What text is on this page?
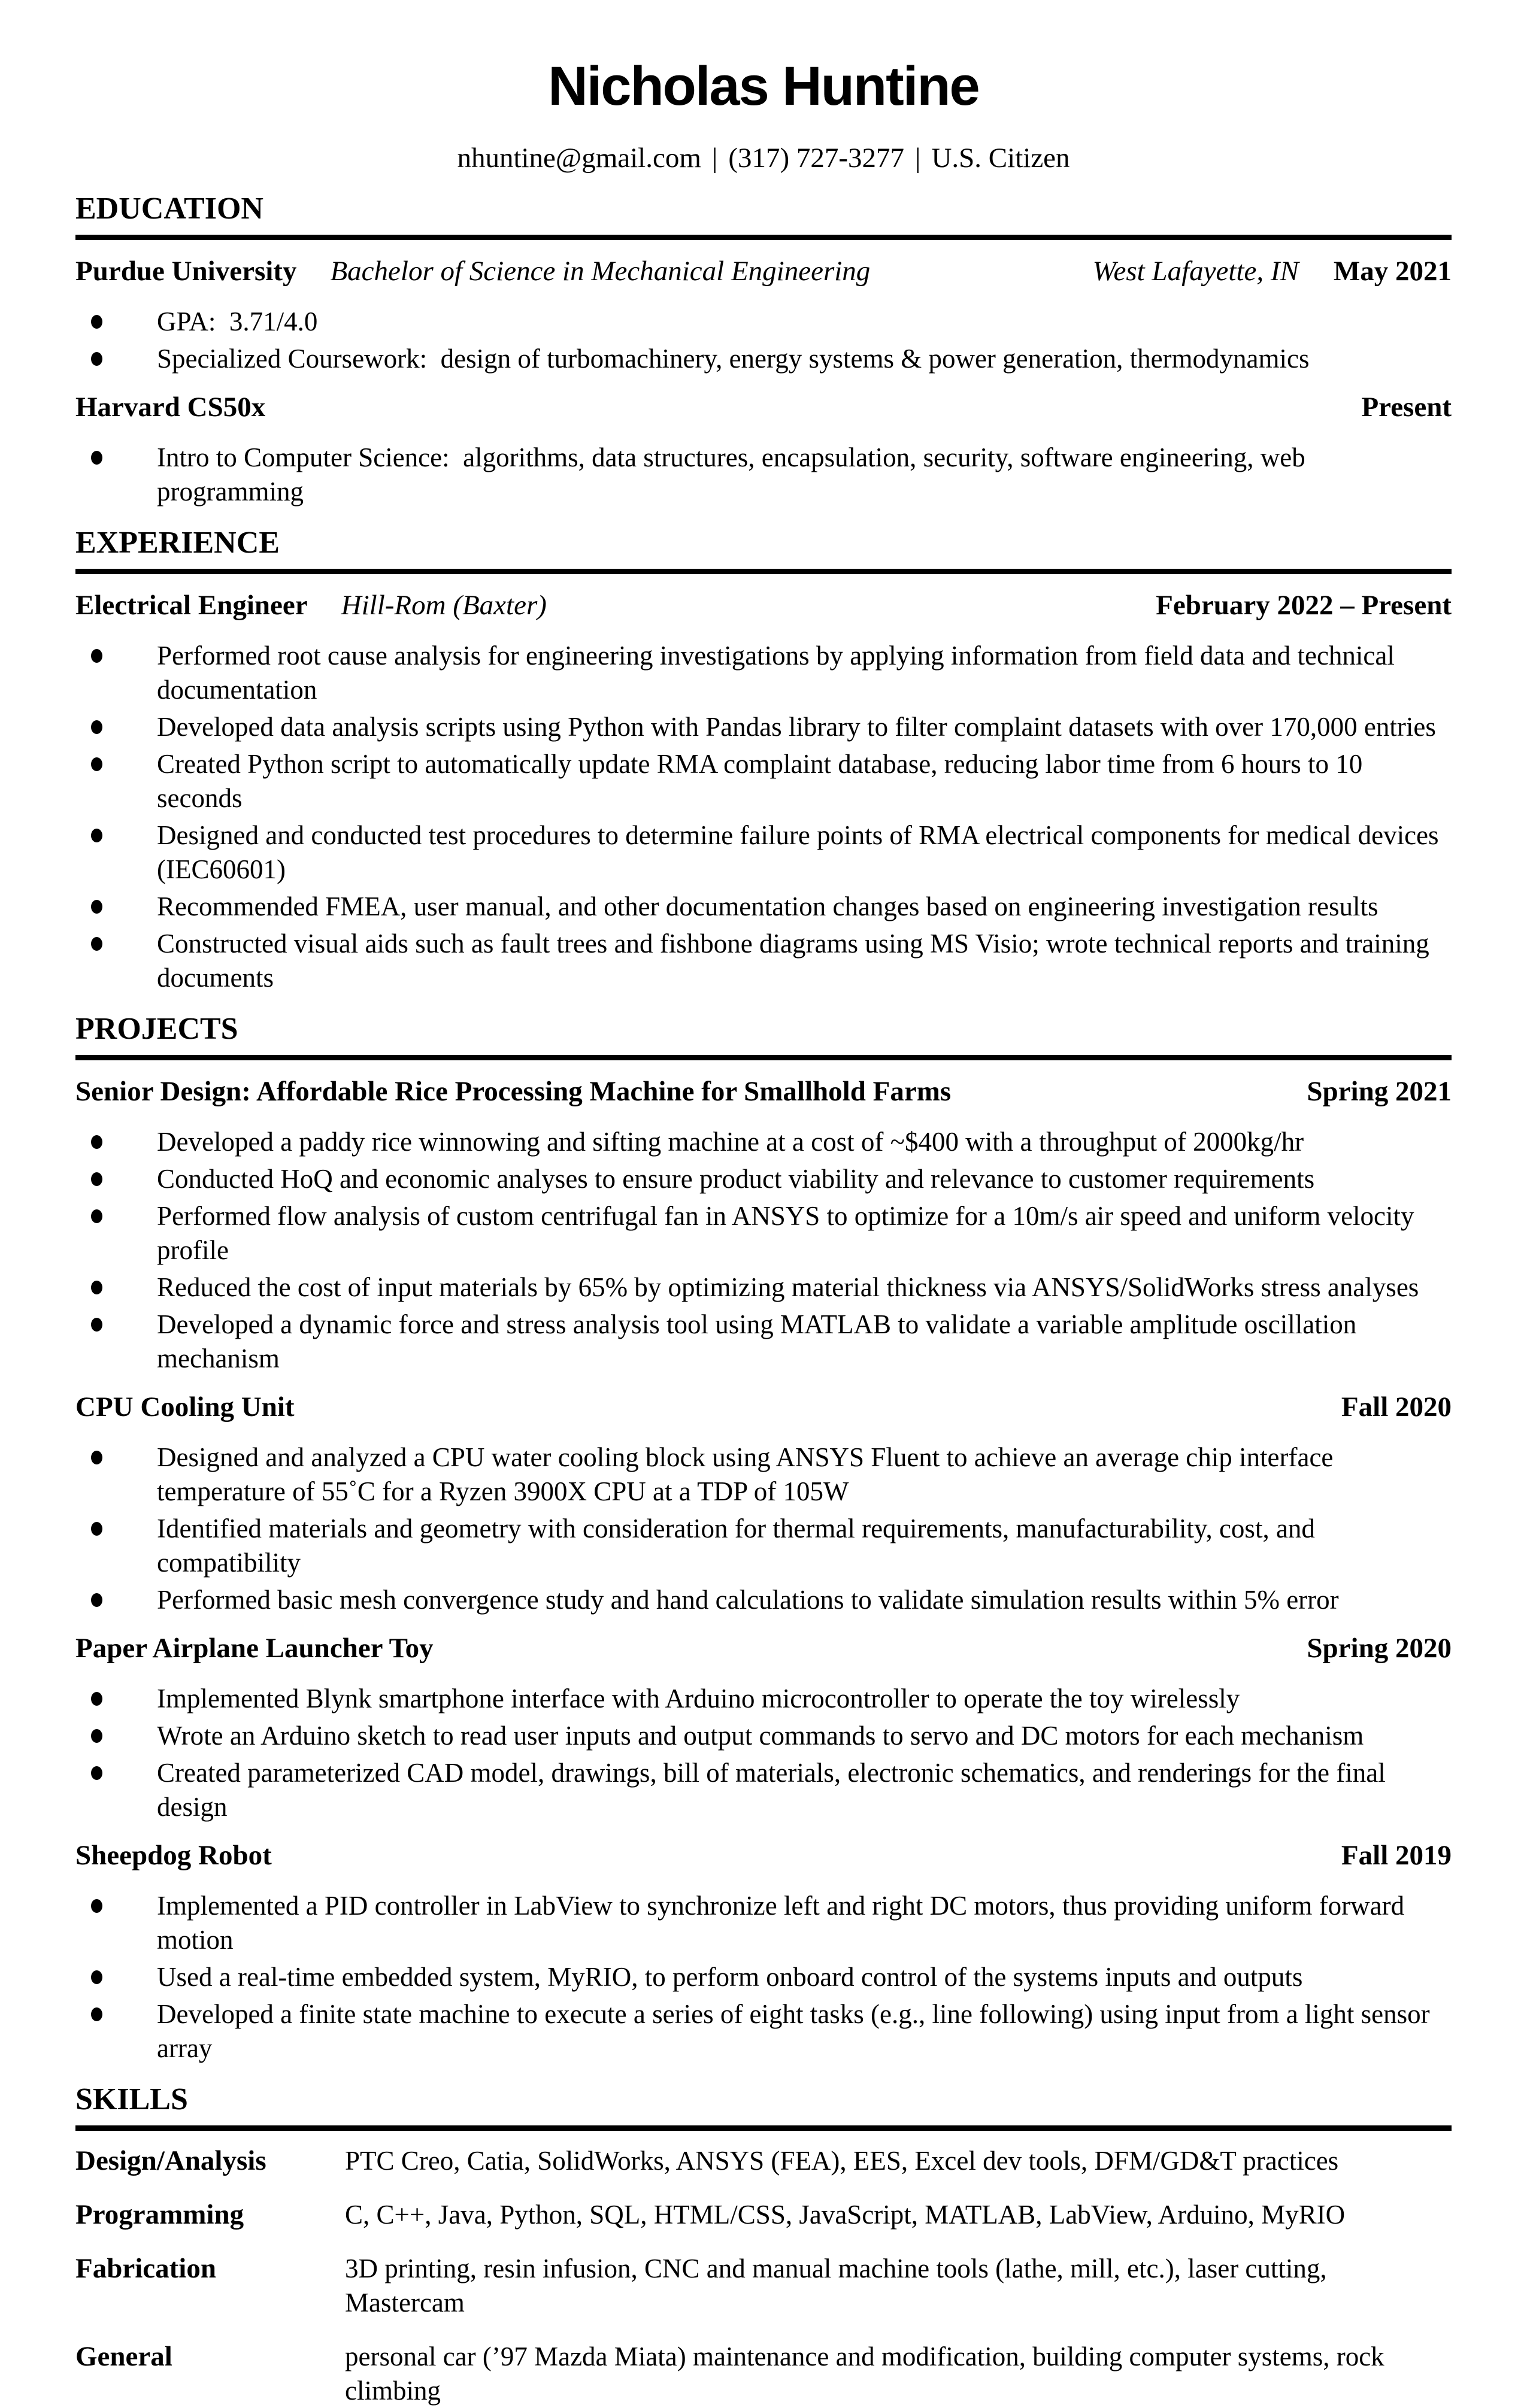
Nicholas Huntine
nhuntine@gmail.com | (317) 727-3277 | U.S. Citizen
EDUCATION
Purdue University Bachelor of Science in Mechanical Engineering	West Lafayette, IN May 2021
GPA:  3.71/4.0
Specialized Coursework:  design of turbomachinery, energy systems & power generation, thermodynamics
Harvard CS50x	Present
Intro to Computer Science:  algorithms, data structures, encapsulation, security, software engineering, web programming
EXPERIENCE
Electrical Engineer Hill-Rom (Baxter)	February 2022 – Present
Performed root cause analysis for engineering investigations by applying information from field data and technical documentation
Developed data analysis scripts using Python with Pandas library to filter complaint datasets with over 170,000 entries
Created Python script to automatically update RMA complaint database, reducing labor time from 6 hours to 10 seconds
Designed and conducted test procedures to determine failure points of RMA electrical components for medical devices (IEC60601)
Recommended FMEA, user manual, and other documentation changes based on engineering investigation results
Constructed visual aids such as fault trees and fishbone diagrams using MS Visio; wrote technical reports and training documents
PROJECTS
Senior Design: Affordable Rice Processing Machine for Smallhold Farms	Spring 2021
Developed a paddy rice winnowing and sifting machine at a cost of ~$400 with a throughput of 2000kg/hr
Conducted HoQ and economic analyses to ensure product viability and relevance to customer requirements
Performed flow analysis of custom centrifugal fan in ANSYS to optimize for a 10m/s air speed and uniform velocity profile
Reduced the cost of input materials by 65% by optimizing material thickness via ANSYS/SolidWorks stress analyses
Developed a dynamic force and stress analysis tool using MATLAB to validate a variable amplitude oscillation mechanism
CPU Cooling Unit	Fall 2020
Designed and analyzed a CPU water cooling block using ANSYS Fluent to achieve an average chip interface temperature of 55˚C for a Ryzen 3900X CPU at a TDP of 105W
Identified materials and geometry with consideration for thermal requirements, manufacturability, cost, and compatibility
Performed basic mesh convergence study and hand calculations to validate simulation results within 5% error
Paper Airplane Launcher Toy	Spring 2020
Implemented Blynk smartphone interface with Arduino microcontroller to operate the toy wirelessly
Wrote an Arduino sketch to read user inputs and output commands to servo and DC motors for each mechanism
Created parameterized CAD model, drawings, bill of materials, electronic schematics, and renderings for the final design
Sheepdog Robot	Fall 2019
Implemented a PID controller in LabView to synchronize left and right DC motors, thus providing uniform forward motion
Used a real-time embedded system, MyRIO, to perform onboard control of the systems inputs and outputs
Developed a finite state machine to execute a series of eight tasks (e.g., line following) using input from a light sensor array
SKILLS
Design/Analysis	PTC Creo, Catia, SolidWorks, ANSYS (FEA), EES, Excel dev tools, DFM/GD&T practices
Programming	C, C++, Java, Python, SQL, HTML/CSS, JavaScript, MATLAB, LabView, Arduino, MyRIO
Fabrication	3D printing, resin infusion, CNC and manual machine tools (lathe, mill, etc.), laser cutting, Mastercam
General	personal car (’97 Mazda Miata) maintenance and modification, building computer systems, rock climbing
